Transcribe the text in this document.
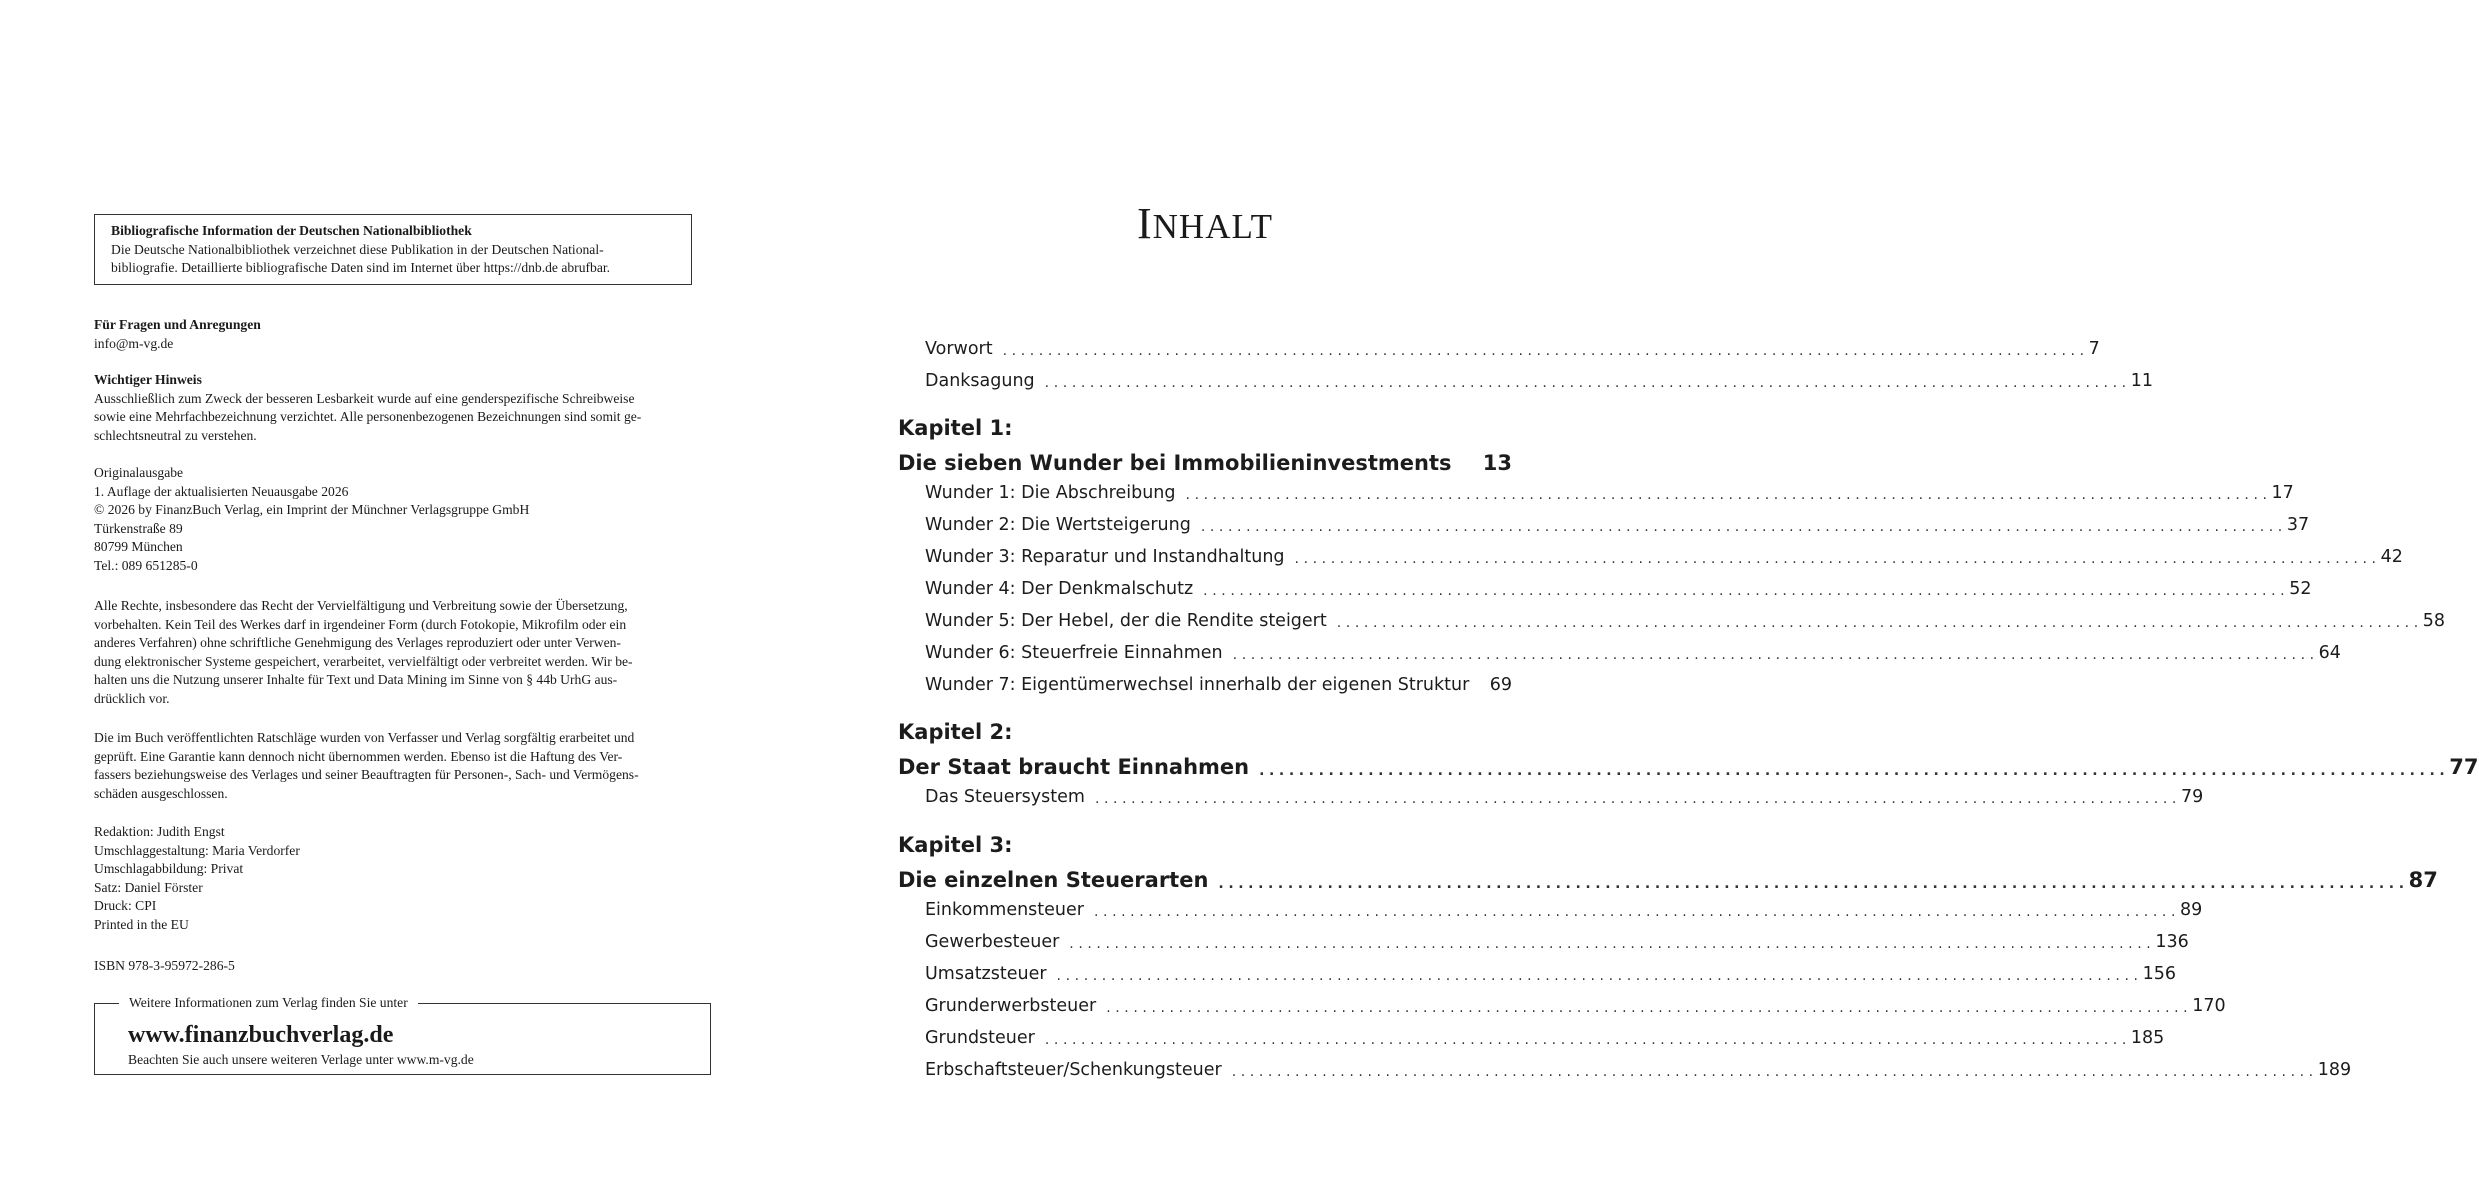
Bibliografische Information der Deutschen Nationalbibliothek
Die Deutsche Nationalbibliothek verzeichnet diese Publikation in der Deutschen National-
bibliografie. Detaillierte bibliografische Daten sind im Internet über https://dnb.de abrufbar.
Für Fragen und Anregungen
info@m-vg.de
Wichtiger Hinweis
Ausschließlich zum Zweck der besseren Lesbarkeit wurde auf eine genderspezifische Schreibweise
sowie eine Mehrfachbezeichnung verzichtet. Alle personenbezogenen Bezeichnungen sind somit ge-
schlechtsneutral zu verstehen.
Originalausgabe
1. Auflage der aktualisierten Neuausgabe 2026
© 2026 by FinanzBuch Verlag, ein Imprint der Münchner Verlagsgruppe GmbH
Türkenstraße 89
80799 München
Tel.: 089 651285-0
Alle Rechte, insbesondere das Recht der Vervielfältigung und Verbreitung sowie der Übersetzung,
vorbehalten. Kein Teil des Werkes darf in irgendeiner Form (durch Fotokopie, Mikrofilm oder ein
anderes Verfahren) ohne schriftliche Genehmigung des Verlages reproduziert oder unter Verwen-
dung elektronischer Systeme gespeichert, verarbeitet, vervielfältigt oder verbreitet werden. Wir be-
halten uns die Nutzung unserer Inhalte für Text und Data Mining im Sinne von § 44b UrhG aus-
drücklich vor.
Die im Buch veröffentlichten Ratschläge wurden von Verfasser und Verlag sorgfältig erarbeitet und
geprüft. Eine Garantie kann dennoch nicht übernommen werden. Ebenso ist die Haftung des Ver-
fassers beziehungsweise des Verlages und seiner Beauftragten für Personen-, Sach- und Vermögens-
schäden ausgeschlossen.
Redaktion: Judith Engst
Umschlaggestaltung: Maria Verdorfer
Umschlagabbildung: Privat
Satz: Daniel Förster
Druck: CPI
Printed in the EU
ISBN 978-3-95972-286-5
Weitere Informationen zum Verlag finden Sie unter
www.finanzbuchverlag.de
Beachten Sie auch unsere weiteren Verlage unter www.m-vg.de
INHALT
Vorwort ........................................................................................................................ 7
Danksagung ........................................................................................................................ 11
Kapitel 1:
Die sieben Wunder bei Immobilieninvestments	13
Wunder 1: Die Abschreibung ........................................................................................................................ 17
Wunder 2: Die Wertsteigerung ........................................................................................................................ 37
Wunder 3: Reparatur und Instandhaltung ........................................................................................................................ 42
Wunder 4: Der Denkmalschutz ........................................................................................................................ 52
Wunder 5: Der Hebel, der die Rendite steigert ........................................................................................................................ 58
Wunder 6: Steuerfreie Einnahmen ........................................................................................................................ 64
Wunder 7: Eigentümerwechsel innerhalb der eigenen Struktur	69
Kapitel 2:
Der Staat braucht Einnahmen ........................................................................................................................ 77
Das Steuersystem ........................................................................................................................ 79
Kapitel 3:
Die einzelnen Steuerarten ........................................................................................................................ 87
Einkommensteuer ........................................................................................................................ 89
Gewerbesteuer ........................................................................................................................ 136
Umsatzsteuer ........................................................................................................................ 156
Grunderwerbsteuer ........................................................................................................................ 170
Grundsteuer ........................................................................................................................ 185
Erbschaftsteuer/Schenkungsteuer ........................................................................................................................ 189
